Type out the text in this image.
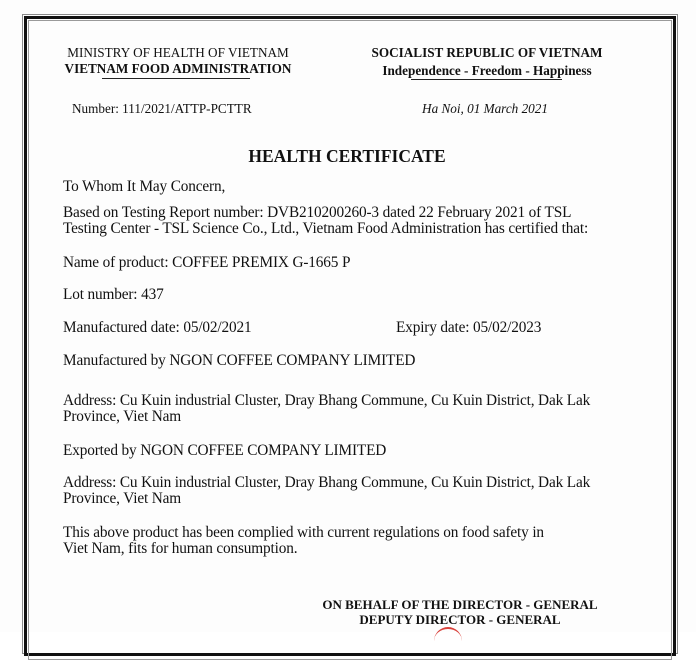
MINISTRY OF HEALTH OF VIETNAM
VIETNAM FOOD ADMINISTRATION
Number: 111/2021/ATTP-PCTTR
SOCIALIST REPUBLIC OF VIETNAM
Independence - Freedom - Happiness
Ha Noi, 01 March 2021
HEALTH CERTIFICATE
To Whom It May Concern,
Based on Testing Report number: DVB210200260-3 dated 22 February 2021 of TSL
Testing Center - TSL Science Co., Ltd., Vietnam Food Administration has certified that:
Name of product: COFFEE PREMIX G-1665 P
Lot number: 437
Manufactured date: 05/02/2021	Expiry date: 05/02/2023
Manufactured by NGON COFFEE COMPANY LIMITED
Address: Cu Kuin industrial Cluster, Dray Bhang Commune, Cu Kuin District, Dak Lak
Province, Viet Nam
Exported by NGON COFFEE COMPANY LIMITED
Address: Cu Kuin industrial Cluster, Dray Bhang Commune, Cu Kuin District, Dak Lak
Province, Viet Nam
This above product has been complied with current regulations on food safety in
Viet Nam, fits for human consumption.
ON BEHALF OF THE DIRECTOR - GENERAL
DEPUTY DIRECTOR - GENERAL
